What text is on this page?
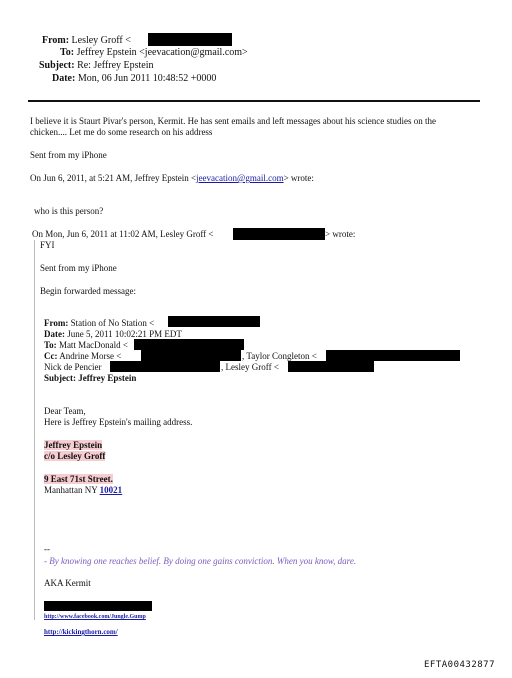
From: Lesley Groff <
To: Jeffrey Epstein <jeevacation@gmail.com>
Subject: Re: Jeffrey Epstein
Date: Mon, 06 Jun 2011 10:48:52 +0000
I believe it is Staurt Pivar's person, Kermit. He has sent emails and left messages about his science studies on the
chicken.... Let me do some research on his address
Sent from my iPhone
On Jun 6, 2011, at 5:21 AM, Jeffrey Epstein <jeevacation@gmail.com> wrote:
who is this person?
On Mon, Jun 6, 2011 at 11:02 AM, Lesley Groff <	> wrote:
FYI
Sent from my iPhone
Begin forwarded message:
From: Station of No Station <
Date: June 5, 2011 10:02:21 PM EDT
To: Matt MacDonald <
Cc: Andrine Morse <	, Taylor Congleton <
Nick de Pencier	, Lesley Groff <
Subject: Jeffrey Epstein
Dear Team,
Here is Jeffrey Epstein's mailing address.
Jeffrey Epstein
c/o Lesley Groff
9 East 71st Street.
Manhattan NY 10021
--
- By knowing one reaches belief. By doing one gains conviction. When you know, dare.
AKA Kermit
http://www.facebook.com/Jungle.Gump
http://kickingthorn.com/
EFTA00432877
